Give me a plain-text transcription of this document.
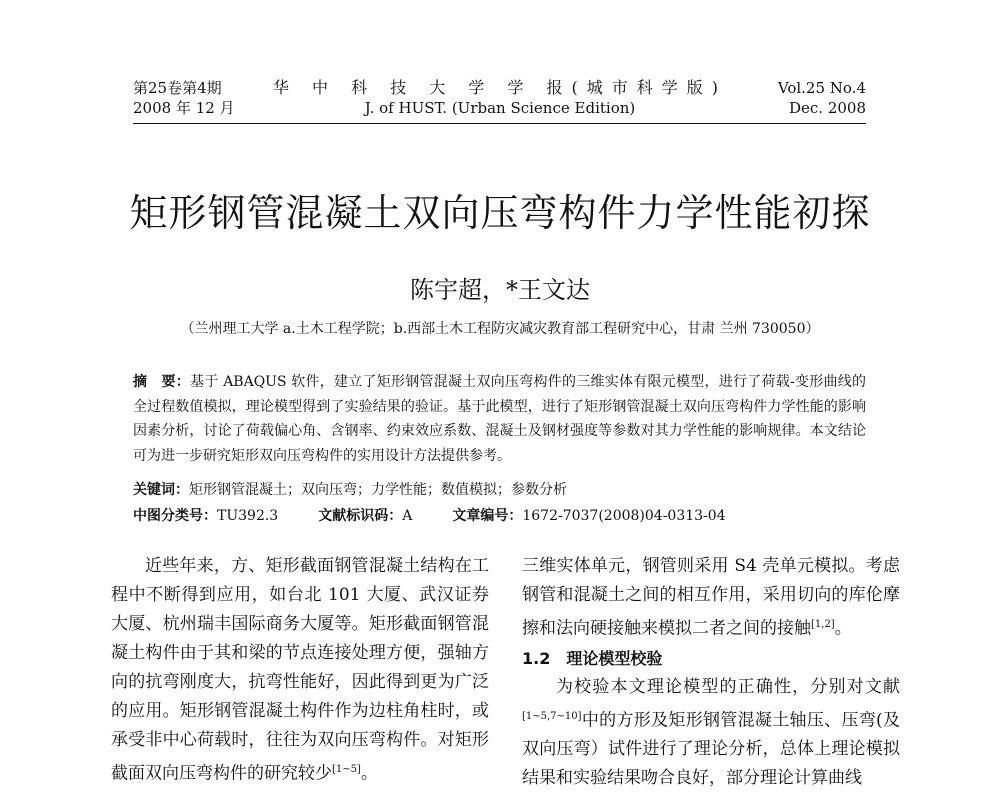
第25卷第4期
2008 年 12 月
华 中 科 技 大 学 学 报(城市科学版)
J. of HUST. (Urban Science Edition)
Vol.25 No.4
Dec. 2008
矩形钢管混凝土双向压弯构件力学性能初探
陈宇超，*王文达
（兰州理工大学 a.土木工程学院；b.西部土木工程防灾减灾教育部工程研究中心，甘肃 兰州 730050）
摘　要：基于 ABAQUS 软件，建立了矩形钢管混凝土双向压弯构件的三维实体有限元模型，进行了荷载-变形曲线的全过程数值模拟，理论模型得到了实验结果的验证。基于此模型，进行了矩形钢管混凝土双向压弯构件力学性能的影响因素分析，讨论了荷载偏心角、含钢率、约束效应系数、混凝土及钢材强度等参数对其力学性能的影响规律。本文结论可为进一步研究矩形双向压弯构件的实用设计方法提供参考。
关键词：矩形钢管混凝土；双向压弯；力学性能；数值模拟；参数分析
中图分类号：TU392.3	文献标识码：A	文章编号：1672-7037(2008)04-0313-04
近些年来，方、矩形截面钢管混凝土结构在工程中不断得到应用，如台北 101 大厦、武汉证券大厦、杭州瑞丰国际商务大厦等。矩形截面钢管混凝土构件由于其和梁的节点连接处理方便，强轴方向的抗弯刚度大，抗弯性能好，因此得到更为广泛的应用。矩形钢管混凝土构件作为边柱角柱时，或承受非中心荷载时，往往为双向压弯构件。对矩形截面双向压弯构件的研究较少[1~5]。
三维实体单元，钢管则采用 S4 壳单元模拟。考虑钢管和混凝土之间的相互作用，采用切向的库伦摩擦和法向硬接触来模拟二者之间的接触[1,2]。
1.2　理论模型校验
为校验本文理论模型的正确性，分别对文献[1~5,7~10]中的方形及矩形钢管混凝土轴压、压弯(及双向压弯）试件进行了理论分析，总体上理论模拟结果和实验结果吻合良好，部分理论计算曲线
